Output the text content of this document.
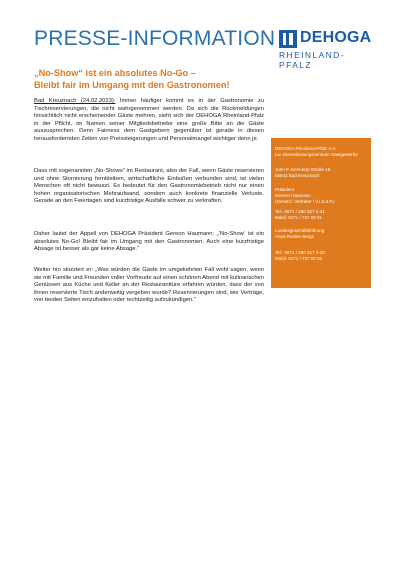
PRESSE-INFORMATION DEHOGA
RHEINLAND-PFALZ
„No-Show“ ist ein absolutes No-Go –
Bleibt fair im Umgang mit den Gastronomen!
Bad Kreuznach (24.02.2023): Immer häufiger kommt es in der Gastronomie zu Tischreservierungen, die nicht wahrgenommen werden. Da sich die Rückmeldungen hinsichtlich nicht erscheinender Gäste mehren, sieht sich der DEHOGA Rheinland-Pfalz in der Pflicht, im Namen seiner Mitgliedsbetriebe eine große Bitte an die Gäste auszusprechen. Denn Fairness dem Gastgebern gegenüber ist gerade in diesen herausfordernden Zeiten von Preissteigerungen und Personalmangel wichtiger denn je.
Dass mit sogenannten „No-Shows“ im Restaurant, also der Fall, wenn Gäste reservieren und ohne Stornierung fernbleiben, wirtschaftliche Einbußen verbunden sind, ist vielen Menschen oft nicht bewusst. Es bedeutet für den Gastronomiebetrieb nicht nur einen hohen organisatorischen Mehraufwand, sondern auch konkrete finanzielle Verluste. Gerade an den Feiertagen sind kurzfristige Ausfälle schwer zu verkraften.
Daher lautet der Appell von DEHOGA Präsident Gereon Haumann: „‘No-Show‘ ist ein absolutes No-Go! Bleibt fair im Umgang mit den Gastronomen. Auch eine kurzfristige Absage ist besser als gar keine Absage.“
Weiter hin skizziert er: „Was würden die Gäste im umgekehrten Fall wohl sagen, wenn sie mit Familie und Freunden voller Vorfreude auf einen schönen Abend mit kulinarischen Genüssen aus Küche und Keller an der Restauranttüre erfahren würden, dass der von ihnen reservierte Tisch anderweitig vergeben wurde? Reservierungen sind, wie Verträge, von beiden Seiten einzuhalten oder rechtzeitig aufzukündigen.“
DEHOGA Rheinland-Pfalz e.V.
Lw. Dienstleistungszentrum Gastgewerbe
John-F.-Kennedy-Straße 15
55543 Bad Kreuznach
Präsident
Gereon Haumann
(Gesetzl. Vertreter / V.i.S.d.P.)
Tel.: 0671 / 290 327 2-31
Mobil: 0171 / 737 00 01
Landesgeschäftsführung
Anna Rosten Bergs
Tel.: 0671 / 290 327 2-33
Mobil: 0171 / 737 00 02
